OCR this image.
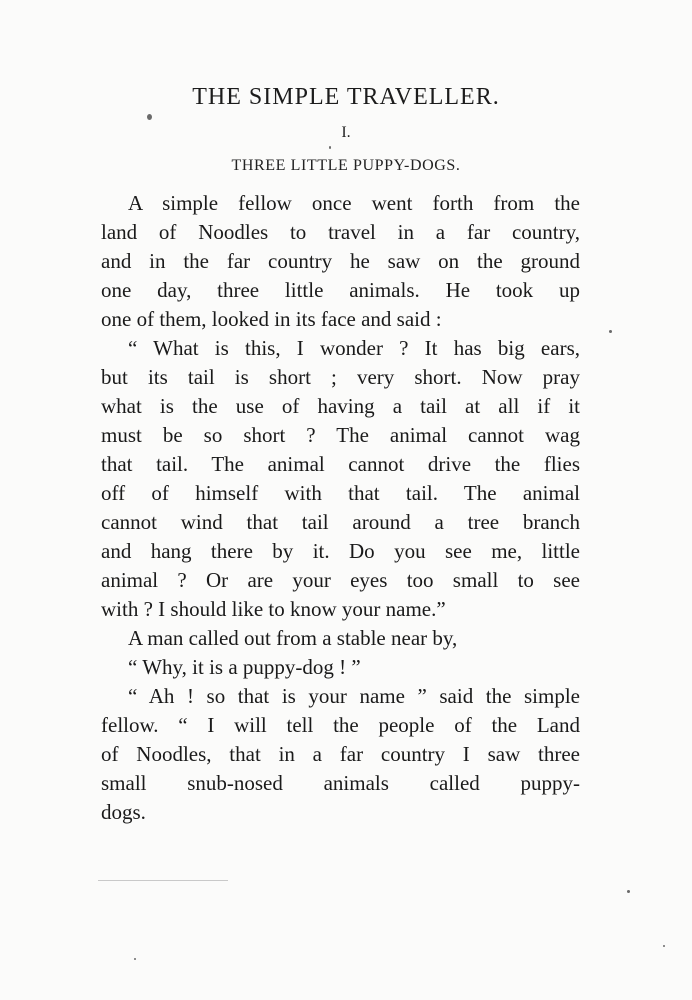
THE SIMPLE TRAVELLER.
I.
THREE LITTLE PUPPY-DOGS.
A simple fellow once went forth from the
land of Noodles to travel in a far country,
and in the far country he saw on the ground
one day, three little animals. He took up
one of them, looked in its face and said :
“ What is this, I wonder ? It has big ears,
but its tail is short ; very short. Now pray
what is the use of having a tail at all if it
must be so short ? The animal cannot wag
that tail. The animal cannot drive the flies
off of himself with that tail. The animal
cannot wind that tail around a tree branch
and hang there by it. Do you see me, little
animal ? Or are your eyes too small to see
with ? I should like to know your name.”
A man called out from a stable near by,
“ Why, it is a puppy-dog ! ”
“ Ah ! so that is your name ” said the simple
fellow. “ I will tell the people of the Land
of Noodles, that in a far country I saw three
small snub-nosed animals called puppy-
dogs.
